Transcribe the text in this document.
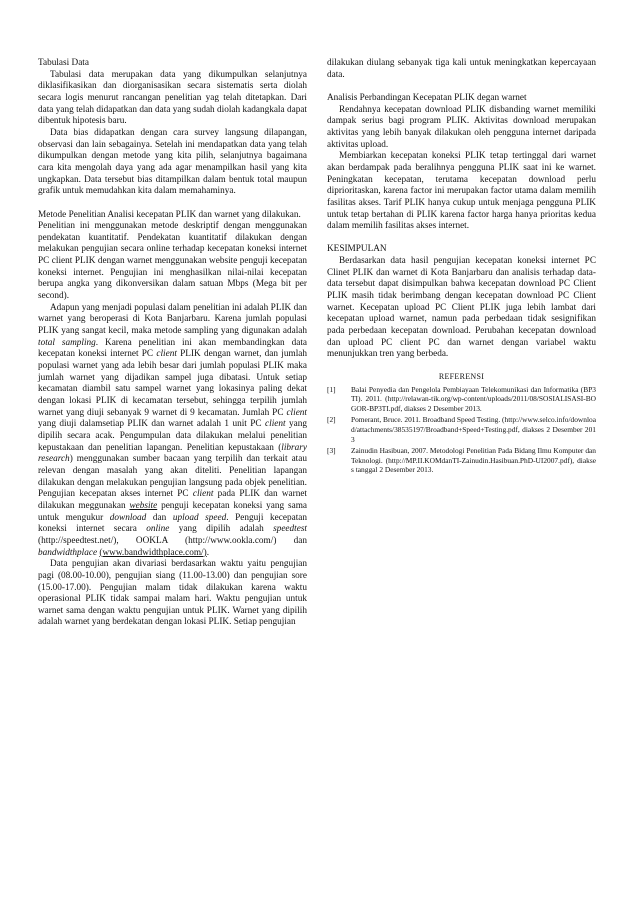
Tabulasi Data

Tabulasi data merupakan data yang dikumpulkan selanjutnya diklasifikasikan dan diorganisasikan secara sistematis serta diolah secara logis menurut rancangan penelitian yag telah ditetapkan. Dari data yang telah didapatkan dan data yang sudah diolah kadangkala dapat dibentuk hipotesis baru.

Data bias didapatkan dengan cara survey langsung dilapangan, observasi dan lain sebagainya. Setelah ini mendapatkan data yang telah dikumpulkan dengan metode yang kita pilih, selanjutnya bagaimana cara kita mengolah daya yang ada agar menampilkan hasil yang kita ungkapkan. Data tersebut bias ditampilkan dalam bentuk total maupun grafik untuk memudahkan kita dalam memahaminya.

Metode Penelitian Analisi kecepatan PLIK dan warnet yang dilakukan.

Penelitian ini menggunakan metode deskriptif dengan menggunakan pendekatan kuantitatif. Pendekatan kuantitatif dilakukan dengan melakukan pengujian secara online terhadap kecepatan koneksi internet PC client PLIK dengan warnet menggunakan website penguji kecepatan koneksi internet. Pengujian ini menghasilkan nilai-nilai kecepatan berupa angka yang dikonversikan dalam satuan Mbps (Mega bit per second).

Adapun yang menjadi populasi dalam penelitian ini adalah PLIK dan warnet yang beroperasi di Kota Banjarbaru. Karena jumlah populasi PLIK yang sangat kecil, maka metode sampling yang digunakan adalah total sampling. Karena penelitian ini akan membandingkan data kecepatan koneksi internet PC client PLIK dengan warnet, dan jumlah populasi warnet yang ada lebih besar dari jumlah populasi PLIK maka jumlah warnet yang dijadikan sampel juga dibatasi. Untuk setiap kecamatan diambil satu sampel warnet yang lokasinya paling dekat dengan lokasi PLIK di kecamatan tersebut, sehingga terpilih jumlah warnet yang diuji sebanyak 9 warnet di 9 kecamatan. Jumlah PC client yang diuji dalamsetiap PLIK dan warnet adalah 1 unit PC client yang dipilih secara acak. Pengumpulan data dilakukan melalui penelitian kepustakaan dan penelitian lapangan. Penelitian kepustakaan (library research) menggunakan sumber bacaan yang terpilih dan terkait atau relevan dengan masalah yang akan diteliti. Penelitian lapangan dilakukan dengan melakukan pengujian langsung pada objek penelitian. Pengujian kecepatan akses internet PC client pada PLIK dan warnet dilakukan meggunakan website penguji kecepatan koneksi yang sama untuk mengukur download dan upload speed. Penguji kecepatan koneksi internet secara online yang dipilih adalah speedtest (http://speedtest.net/), OOKLA (http://www.ookla.com/) dan bandwidthplace (www.bandwidthplace.com/).

Data pengujian akan divariasi berdasarkan waktu yaitu pengujian pagi (08.00-10.00), pengujian siang (11.00-13.00) dan pengujian sore (15.00-17.00). Pengujian malam tidak dilakukan karena waktu operasional PLIK tidak sampai malam hari. Waktu pengujian untuk warnet sama dengan waktu pengujian untuk PLIK. Warnet yang dipilih adalah warnet yang berdekatan dengan lokasi PLIK. Setiap pengujian

dilakukan diulang sebanyak tiga kali untuk meningkatkan kepercayaan data.

Analisis Perbandingan Kecepatan PLIK degan warnet

Rendahnya kecepatan download PLIK disbanding warnet memiliki dampak serius bagi program PLIK. Aktivitas download merupakan aktivitas yang lebih banyak dilakukan oleh pengguna internet daripada aktivitas upload.

Membiarkan kecepatan koneksi PLIK tetap tertinggal dari warnet akan berdampak pada beralihnya pengguna PLIK saat ini ke warnet. Peningkatan kecepatan, terutama kecepatan download perlu diprioritaskan, karena factor ini merupakan factor utama dalam memilih fasilitas akses. Tarif PLIK hanya cukup untuk menjaga pengguna PLIK untuk tetap bertahan di PLIK karena factor harga hanya prioritas kedua dalam memilih fasilitas akses internet.

KESIMPULAN

Berdasarkan data hasil pengujian kecepatan koneksi internet PC Clinet PLIK dan warnet di Kota Banjarbaru dan analisis terhadap data-data tersebut dapat disimpulkan bahwa kecepatan download PC Client PLIK masih tidak berimbang dengan kecepatan download PC Client warnet. Kecepatan upload PC Client PLIK juga lebih lambat dari kecepatan upload warnet, namun pada perbedaan tidak sesignifikan pada perbedaan kecepatan download. Perubahan kecepatan download dan upload PC client PC dan warnet dengan variabel waktu menunjukkan tren yang berbeda.

REFERENSI

[1]	Balai Penyedia dan Pengelola Pembiayaan Telekomunikasi dan Informatika (BP3TI). 2011. (http://relawan-tik.org/wp-content/uploads/2011/08/SOSIALISASI-BOGOR-BP3TI.pdf, diakses 2 Desember 2013.
[2]	Pomerant, Bruce. 2011. Broadband Speed Testing. (http://www.selco.info/download/attachments/38535197/Broadband+Speed+Testing.pdf, diakses 2 Desember 2013
[3]	Zainudin Hasibuan, 2007. Metodologi Penelitian Pada Bidang Ilmu Komputer dan Teknologi. (http://MP.II.KOMdanTI-Zainudin.Hasibuan.PhD-UI2007.pdf), diakses tanggal 2 Desember 2013.
